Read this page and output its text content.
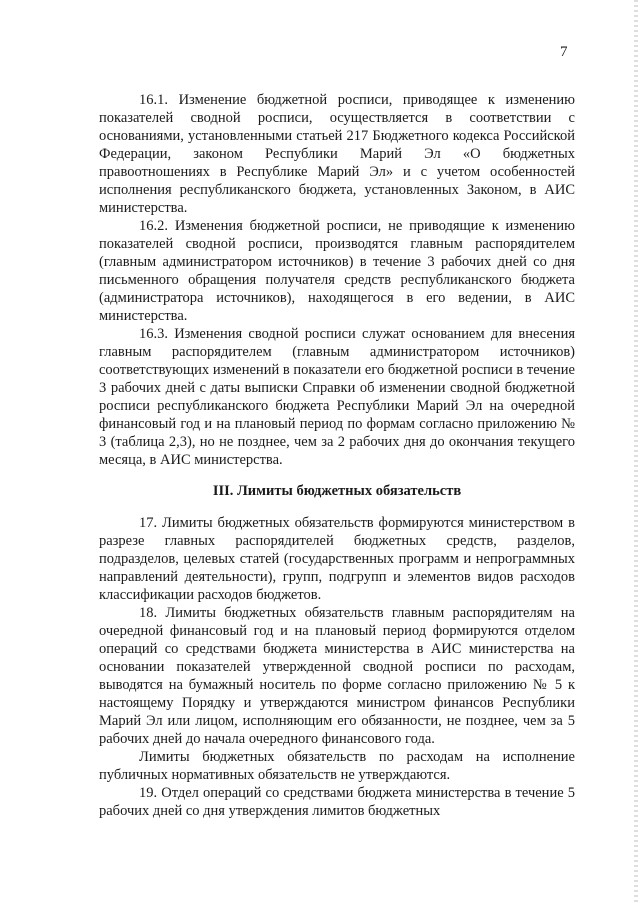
7

16.1. Изменение бюджетной росписи, приводящее к изменению показателей сводной росписи, осуществляется в соответствии с основаниями, установленными статьей 217 Бюджетного кодекса Российской Федерации, законом Республики Марий Эл «О бюджетных правоотношениях в Республике Марий Эл» и с учетом особенностей исполнения республиканского бюджета, установленных Законом, в АИС министерства.

16.2. Изменения бюджетной росписи, не приводящие к изменению показателей сводной росписи, производятся главным распорядителем (главным администратором источников) в течение 3 рабочих дней со дня письменного обращения получателя средств республиканского бюджета (администратора источников), находящегося в его ведении, в АИС министерства.

16.3. Изменения сводной росписи служат основанием для внесения главным распорядителем (главным администратором источников) соответствующих изменений в показатели его бюджетной росписи в течение 3 рабочих дней с даты выписки Справки об изменении сводной бюджетной росписи республиканского бюджета Республики Марий Эл на очередной финансовый год и на плановый период по формам согласно приложению № 3 (таблица 2,3), но не позднее, чем за 2 рабочих дня до окончания текущего месяца, в АИС министерства.

III. Лимиты бюджетных обязательств

17. Лимиты бюджетных обязательств формируются министерством в разрезе главных распорядителей бюджетных средств, разделов, подразделов, целевых статей (государственных программ и непрограммных направлений деятельности), групп, подгрупп и элементов видов расходов классификации расходов бюджетов.

18. Лимиты бюджетных обязательств главным распорядителям на очередной финансовый год и на плановый период формируются отделом операций со средствами бюджета министерства в АИС министерства на основании показателей утвержденной сводной росписи по расходам, выводятся на бумажный носитель по форме согласно приложению № 5 к настоящему Порядку и утверждаются министром финансов Республики Марий Эл или лицом, исполняющим его обязанности, не позднее, чем за 5 рабочих дней до начала очередного финансового года.

Лимиты бюджетных обязательств по расходам на исполнение публичных нормативных обязательств не утверждаются.

19. Отдел операций со средствами бюджета министерства в течение 5 рабочих дней со дня утверждения лимитов бюджетных
